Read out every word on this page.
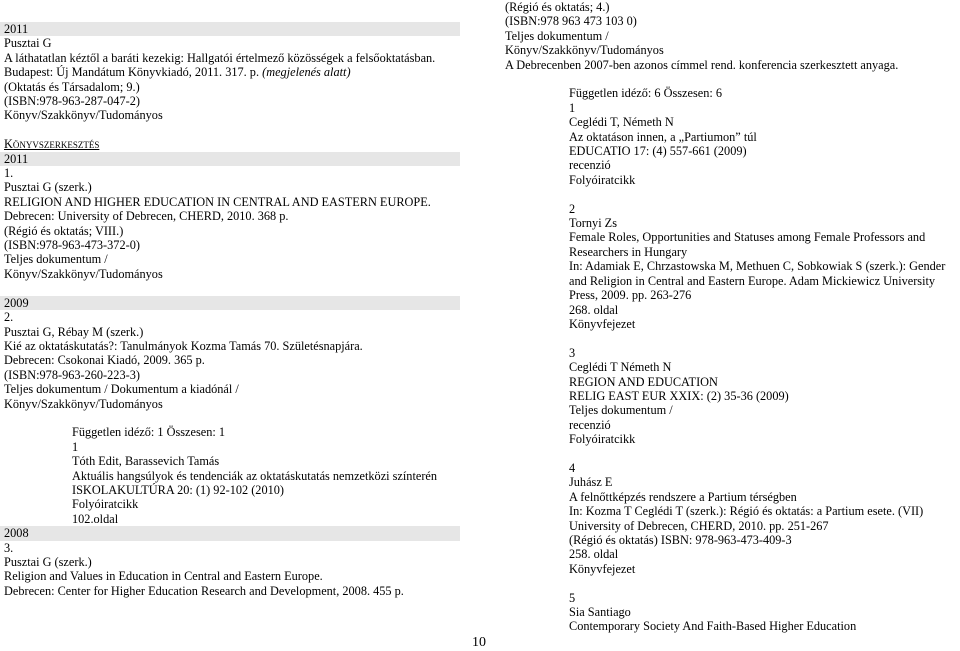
2011
Pusztai G
A láthatatlan kéztől a baráti kezekig: Hallgatói értelmező közösségek a felsőoktatásban.
Budapest: Új Mandátum Könyvkiadó, 2011. 317. p. (megjelenés alatt)
(Oktatás és Társadalom; 9.)
(ISBN:978-963-287-047-2)
Könyv/Szakkönyv/Tudományos
Könyvszerkesztés
2011
1.
Pusztai G (szerk.)
RELIGION AND HIGHER EDUCATION IN CENTRAL AND EASTERN EUROPE.
Debrecen: University of Debrecen, CHERD, 2010. 368 p.
(Régió és oktatás; VIII.)
(ISBN:978-963-473-372-0)
Teljes dokumentum /
Könyv/Szakkönyv/Tudományos
2009
2.
Pusztai G, Rébay M (szerk.)
Kié az oktatáskutatás?: Tanulmányok Kozma Tamás 70. Születésnapjára.
Debrecen: Csokonai Kiadó, 2009. 365 p.
(ISBN:978-963-260-223-3)
Teljes dokumentum / Dokumentum a kiadónál /
Könyv/Szakkönyv/Tudományos
Független idéző: 1 Összesen: 1
1
Tóth Edit, Barassevich Tamás
Aktuális hangsúlyok és tendenciák az oktatáskutatás nemzetközi színterén
ISKOLAKULTÚRA 20: (1) 92-102 (2010)
Folyóiratcikk
102.oldal
2008
3.
Pusztai G (szerk.)
Religion and Values in Education in Central and Eastern Europe.
Debrecen: Center for Higher Education Research and Development, 2008. 455 p.
(Régió és oktatás; 4.)
(ISBN:978 963 473 103 0)
Teljes dokumentum /
Könyv/Szakkönyv/Tudományos
A Debrecenben 2007-ben azonos címmel rend. konferencia szerkesztett anyaga.
Független idéző: 6 Összesen: 6
1
Ceglédi T, Németh N
Az oktatáson innen, a „Partiumon” túl
EDUCATIO 17: (4) 557-661 (2009)
recenzió
Folyóiratcikk
2
Tornyi Zs
Female Roles, Opportunities and Statuses among Female Professors and
Researchers in Hungary
In: Adamiak E, Chrzastowska M, Methuen C, Sobkowiak S (szerk.): Gender
and Religion in Central and Eastern Europe. Adam Mickiewicz University
Press, 2009. pp. 263-276
268. oldal
Könyvfejezet
3
Ceglédi T Németh N
REGION AND EDUCATION
RELIG EAST EUR XXIX: (2) 35-36 (2009)
Teljes dokumentum /
recenzió
Folyóiratcikk
4
Juhász E
A felnőttképzés rendszere a Partium térségben
In: Kozma T Ceglédi T (szerk.): Régió és oktatás: a Partium esete. (VII)
University of Debrecen, CHERD, 2010. pp. 251-267
(Régió és oktatás) ISBN: 978-963-473-409-3
258. oldal
Könyvfejezet
5
Sia Santiago
Contemporary Society And Faith-Based Higher Education
10
